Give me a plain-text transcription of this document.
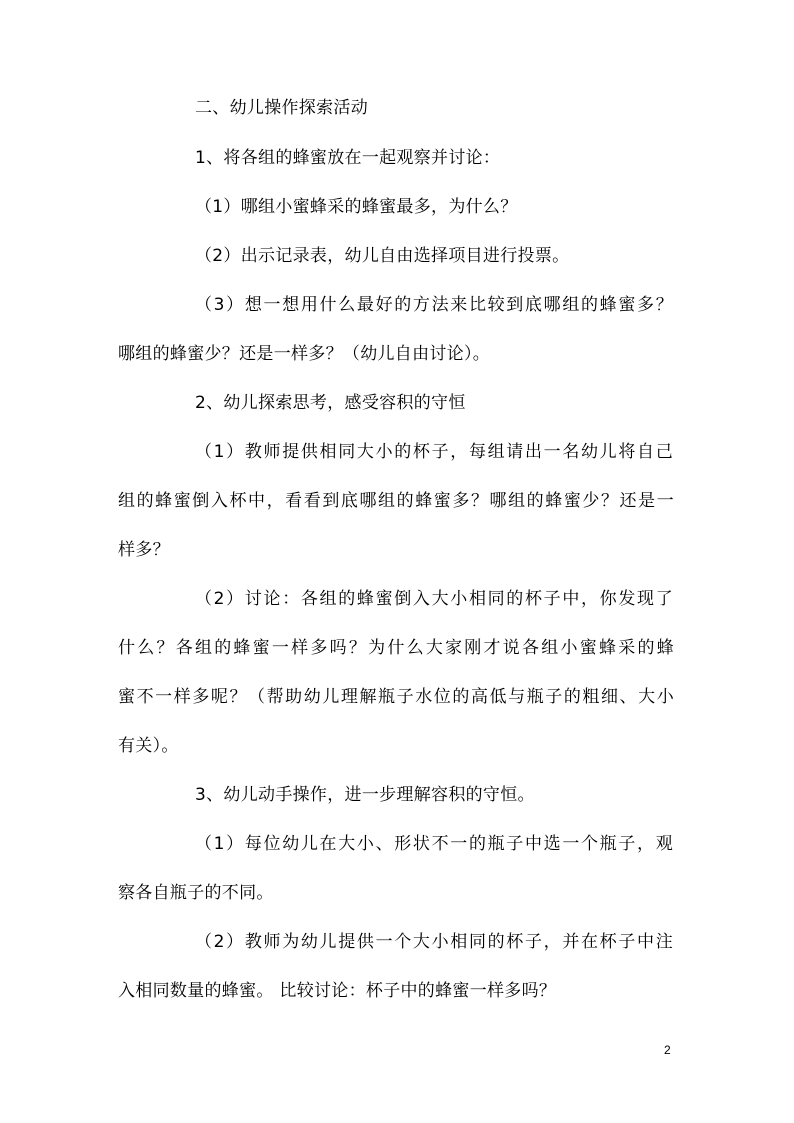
二、幼儿操作探索活动
1、将各组的蜂蜜放在一起观察并讨论：
（1）哪组小蜜蜂采的蜂蜜最多，为什么？
（2）出示记录表，幼儿自由选择项目进行投票。
（3）想一想用什么最好的方法来比较到底哪组的蜂蜜多？
哪组的蜂蜜少？还是一样多？（幼儿自由讨论）。
2、幼儿探索思考，感受容积的守恒
（1）教师提供相同大小的杯子，每组请出一名幼儿将自己
组的蜂蜜倒入杯中，看看到底哪组的蜂蜜多？哪组的蜂蜜少？还是一
样多？
（2）讨论：各组的蜂蜜倒入大小相同的杯子中，你发现了
什么？各组的蜂蜜一样多吗？为什么大家刚才说各组小蜜蜂采的蜂
蜜不一样多呢？（帮助幼儿理解瓶子水位的高低与瓶子的粗细、大小
有关）。
3、幼儿动手操作，进一步理解容积的守恒。
（1）每位幼儿在大小、形状不一的瓶子中选一个瓶子，观
察各自瓶子的不同。
（2）教师为幼儿提供一个大小相同的杯子，并在杯子中注
入相同数量的蜂蜜。 比较讨论：杯子中的蜂蜜一样多吗？
2
